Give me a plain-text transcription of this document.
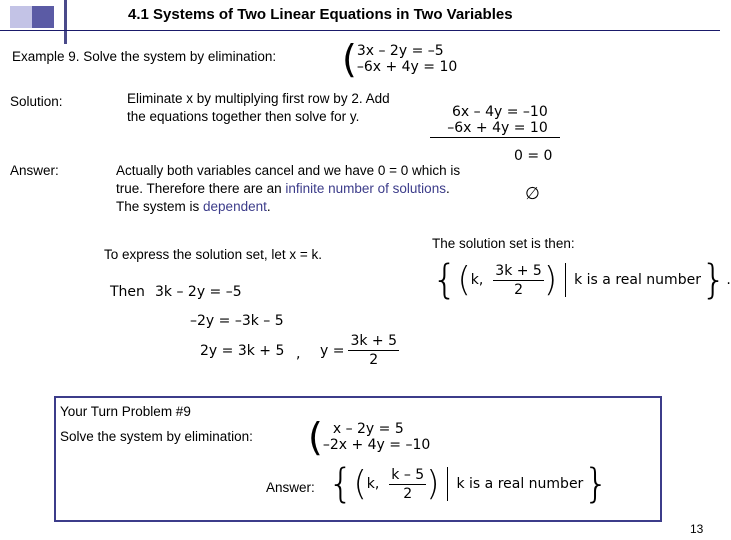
4.1 Systems of Two Linear Equations in Two Variables
Example 9. Solve the system by elimination: ( 3x – 2y = –5
–6x + 4y = 10
Solution:	Eliminate x by multiplying first row by 2. Add the equations together then solve for y.	6x – 4y = –10
–6x + 4y = 10
0 = 0
Answer:	Actually both variables cancel and we have 0 = 0 which is true. Therefore there are an infinite number of solutions. The system is dependent.
∅
To express the solution set, let x = k.
Then 3k – 2y = –5
–2y = –3k – 5
2y = 3k + 5 , $y = \frac{3k + 5}{2}$
The solution set is then:
{ ( k, $\frac{3k + 5}{2}$ ) k is a real number } .
Your Turn Problem #9
Solve the system by elimination: ( x – 2y = 5
–2x + 4y = –10
Answer: { ( k, $\frac{k - 5}{2}$ ) k is a real number }
13
